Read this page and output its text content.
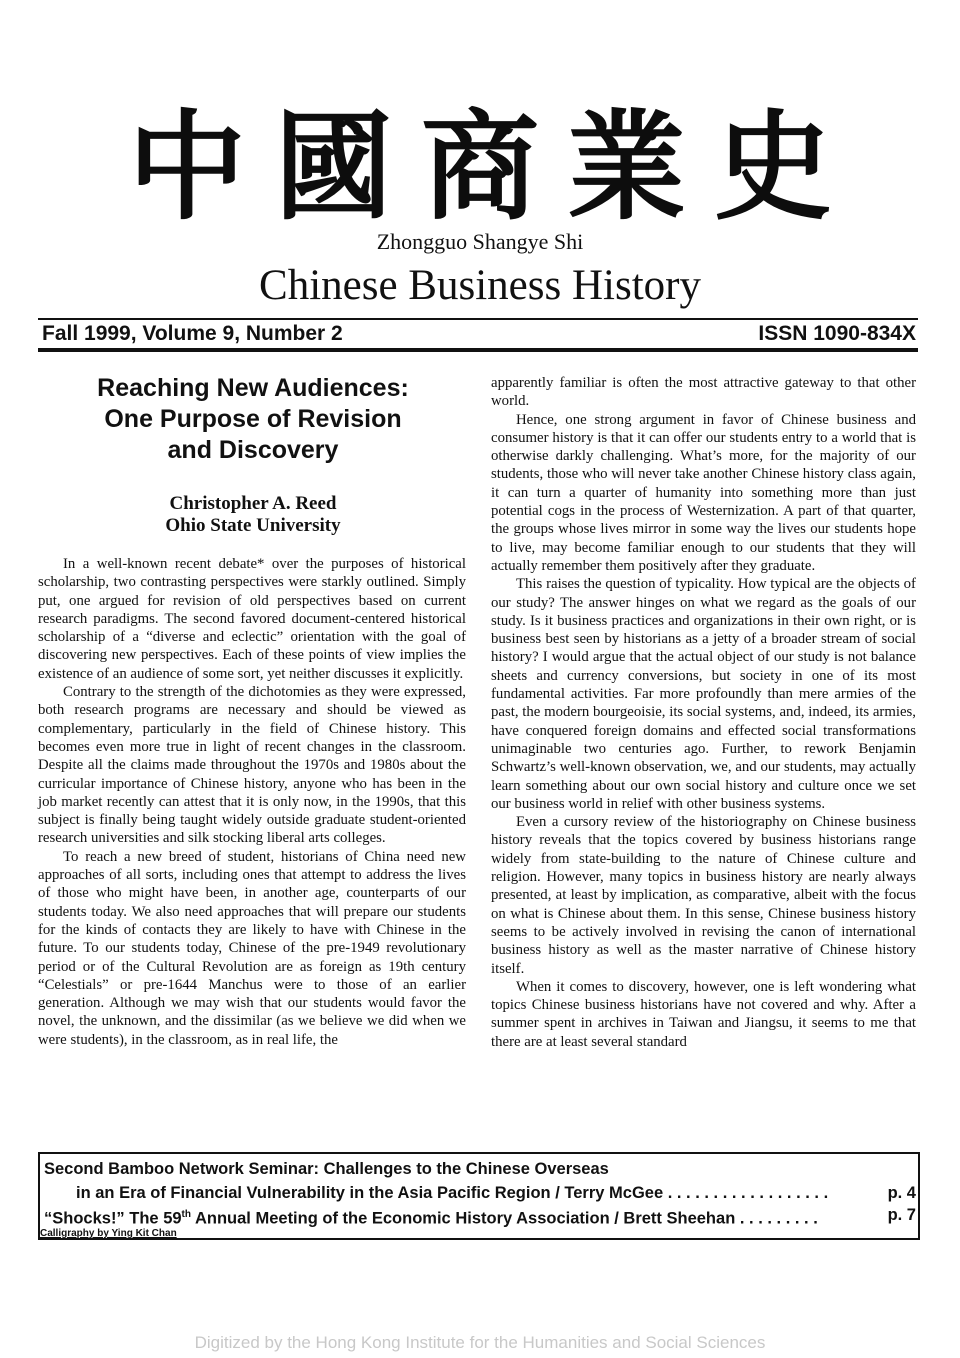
中 國 商 業 史
Zhongguo Shangye Shi
Chinese Business History
Fall 1999, Volume 9, Number 2	ISSN 1090-834X
Reaching New Audiences:
One Purpose of Revision
and Discovery
Christopher A. Reed
Ohio State University

In a well-known recent debate* over the purposes of historical scholarship, two contrasting perspectives were starkly outlined. Simply put, one argued for revision of old perspectives based on current research paradigms. The second favored document-centered historical scholarship of a “diverse and eclectic” orientation with the goal of discovering new perspectives. Each of these points of view implies the existence of an audience of some sort, yet neither discusses it explicitly.

Contrary to the strength of the dichotomies as they were expressed, both research programs are necessary and should be viewed as complementary, particularly in the field of Chinese history. This becomes even more true in light of recent changes in the classroom. Despite all the claims made throughout the 1970s and 1980s about the curricular importance of Chinese history, anyone who has been in the job market recently can attest that it is only now, in the 1990s, that this subject is finally being taught widely outside graduate student-oriented research universities and silk stocking liberal arts colleges.

To reach a new breed of student, historians of China need new approaches of all sorts, including ones that attempt to address the lives of those who might have been, in another age, counterparts of our students today. We also need approaches that will prepare our students for the kinds of contacts they are likely to have with Chinese in the future. To our students today, Chinese of the pre-1949 revolutionary period or of the Cultural Revolution are as foreign as 19th century “Celestials” or pre-1644 Manchus were to those of an earlier generation. Although we may wish that our students would favor the novel, the unknown, and the dissimilar (as we believe we did when we were students), in the classroom, as in real life, the

apparently familiar is often the most attractive gateway to that other world.

Hence, one strong argument in favor of Chinese business and consumer history is that it can offer our students entry to a world that is otherwise darkly challenging. What’s more, for the majority of our students, those who will never take another Chinese history class again, it can turn a quarter of humanity into something more than just potential cogs in the process of Westernization. A part of that quarter, the groups whose lives mirror in some way the lives our students hope to live, may become familiar enough to our students that they will actually remember them positively after they graduate.

This raises the question of typicality. How typical are the objects of our study? The answer hinges on what we regard as the goals of our study. Is it business practices and organizations in their own right, or is business best seen by historians as a jetty of a broader stream of social history? I would argue that the actual object of our study is not balance sheets and currency conversions, but society in one of its most fundamental activities. Far more profoundly than mere armies of the past, the modern bourgeoisie, its social systems, and, indeed, its armies, have conquered foreign domains and effected social transformations unimaginable two centuries ago. Further, to rework Benjamin Schwartz’s well-known observation, we, and our students, may actually learn something about our own social history and culture once we set our business world in relief with other business systems.

Even a cursory review of the historiography on Chinese business history reveals that the topics covered by business historians range widely from state-building to the nature of Chinese culture and religion. However, many topics in business history are nearly always presented, at least by implication, as comparative, albeit with the focus on what is Chinese about them. In this sense, Chinese business history seems to be actively involved in revising the canon of international business history as well as the master narrative of Chinese history itself.

When it comes to discovery, however, one is left wondering what topics Chinese business historians have not covered and why. After a summer spent in archives in Taiwan and Jiangsu, it seems to me that there are at least several standard

Second Bamboo Network Seminar: Challenges to the Chinese Overseas
in an Era of Financial Vulnerability in the Asia Pacific Region / Terry McGee . . . . . . . . . . . . . . . . . .	p. 4
“Shocks!” The 59th Annual Meeting of the Economic History Association / Brett Sheehan . . . . . . . . .	p. 7
Calligraphy by Ying Kit Chan
Digitized by the Hong Kong Institute for the Humanities and Social Sciences
